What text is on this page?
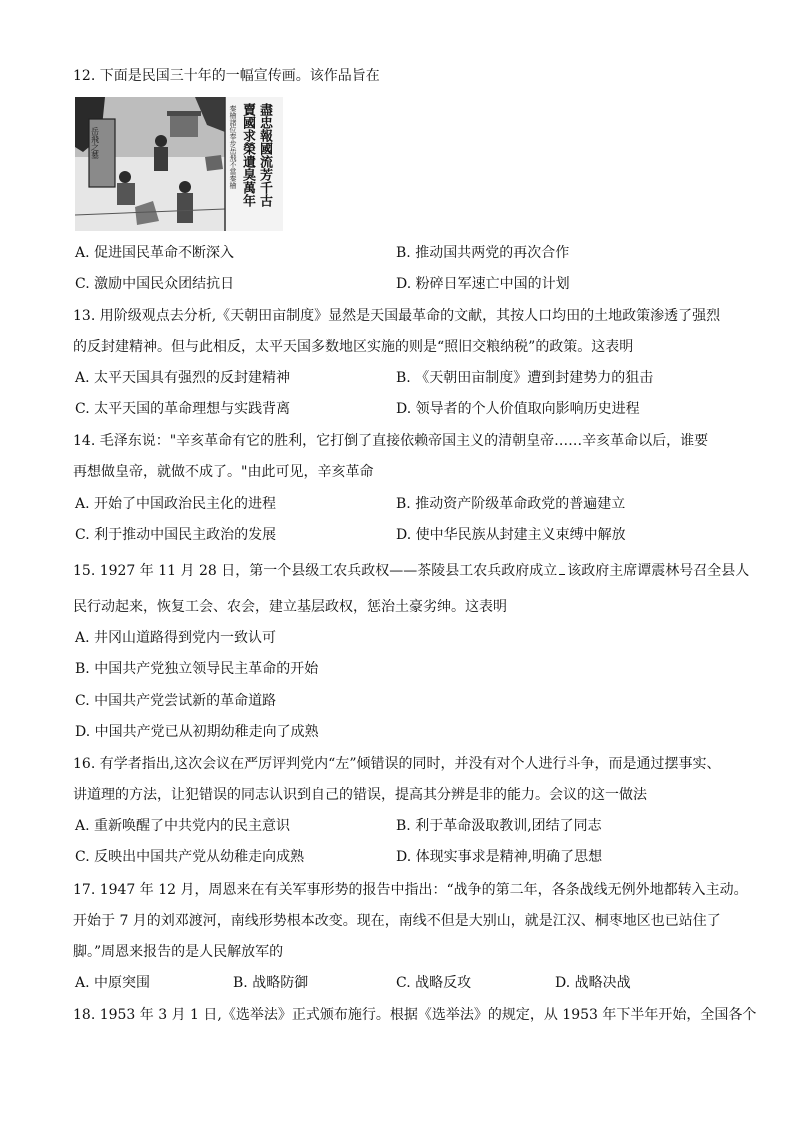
12. 下面是民国三十年的一幅宣传画。该作品旨在
岳飛之墓	盡忠報國流芳千古
賣國求榮遺臭萬年
秦檜諸位奉步岳飛不當秦檜
A. 促进国民革命不断深入	B. 推动国共两党的再次合作
C. 激励中国民众团结抗日	D. 粉碎日军速亡中国的计划
13. 用阶级观点去分析,《天朝田亩制度》显然是天国最革命的文献，其按人口均田的土地政策渗透了强烈
的反封建精神。但与此相反，太平天国多数地区实施的则是“照旧交粮纳税”的政策。这表明
A. 太平天国具有强烈的反封建精神	B. 《天朝田亩制度》遭到封建势力的狙击
C. 太平天国的革命理想与实践背离	D. 领导者的个人价值取向影响历史进程
14. 毛泽东说："辛亥革命有它的胜利，它打倒了直接依赖帝国主义的清朝皇帝……辛亥革命以后，谁要
再想做皇帝，就做不成了。"由此可见，辛亥革命
A. 开始了中国政治民主化的进程	B. 推动资产阶级革命政党的普遍建立
C. 利于推动中国民主政治的发展	D. 使中华民族从封建主义束缚中解放
15. 1927 年 11 月 28 日，第一个县级工农兵政权——茶陵县工农兵政府成立 该政府主席谭震林号召全县人
民行动起来，恢复工会、农会，建立基层政权，惩治土豪劣绅。这表明
A. 井冈山道路得到党内一致认可
B. 中国共产党独立领导民主革命的开始
C. 中国共产党尝试新的革命道路
D. 中国共产党已从初期幼稚走向了成熟
16. 有学者指出,这次会议在严厉评判党内“左”倾错误的同时，并没有对个人进行斗争，而是通过摆事实、
讲道理的方法，让犯错误的同志认识到自己的错误，提高其分辨是非的能力。会议的这一做法
A. 重新唤醒了中共党内的民主意识	B. 利于革命汲取教训,团结了同志
C. 反映出中国共产党从幼稚走向成熟	D. 体现实事求是精神,明确了思想
17. 1947 年 12 月，周恩来在有关军事形势的报告中指出：“战争的第二年，各条战线无例外地都转入主动。
开始于 7 月的刘邓渡河，南线形势根本改变。现在，南线不但是大别山，就是江汉、桐枣地区也已站住了
脚。”周恩来报告的是人民解放军的
A. 中原突围	B. 战略防御	C. 战略反攻	D. 战略决战
18. 1953 年 3 月 1 日,《选举法》正式颁布施行。根据《选举法》的规定，从 1953 年下半年开始，全国各个
